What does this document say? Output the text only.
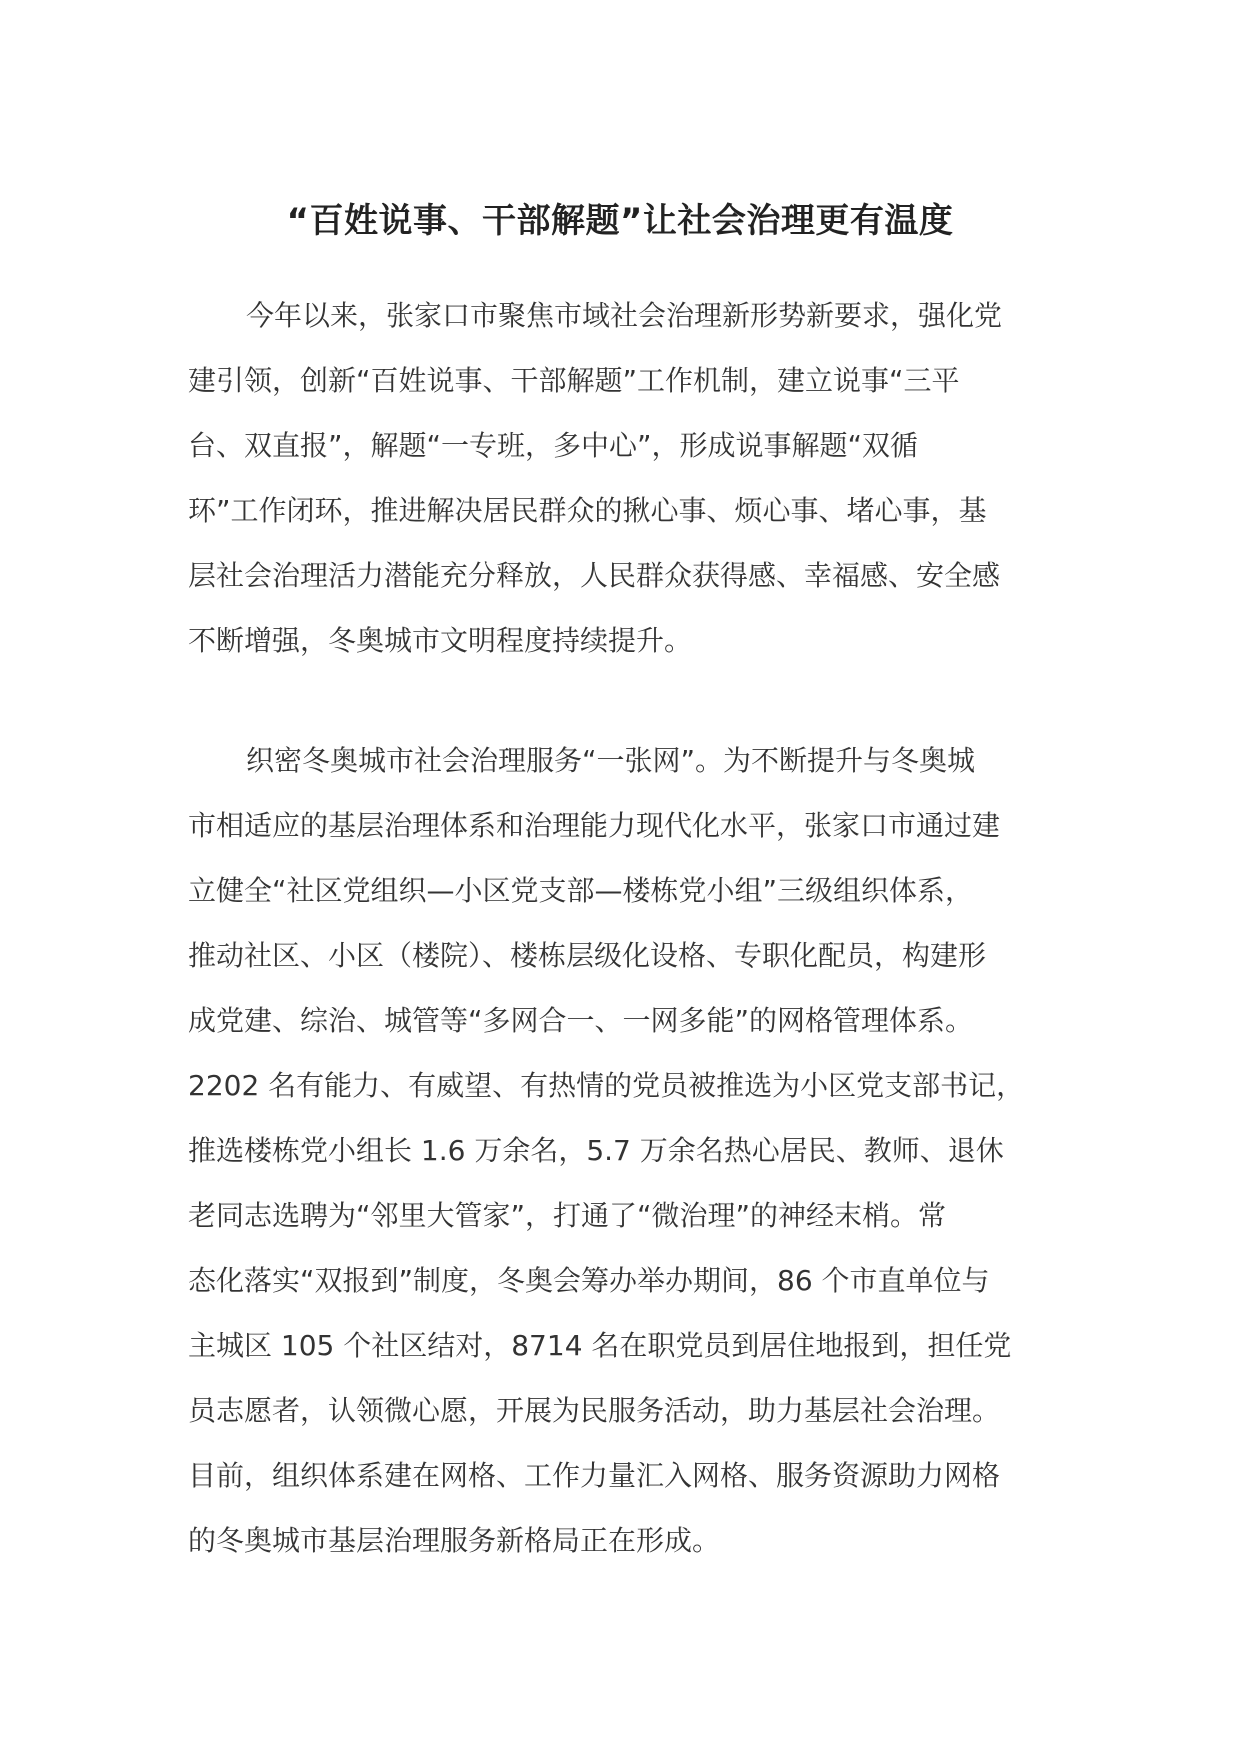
“百姓说事、干部解题”让社会治理更有温度
今年以来，张家口市聚焦市域社会治理新形势新要求，强化党
建引领，创新“百姓说事、干部解题”工作机制，建立说事“三平
台、双直报”，解题“一专班，多中心”，形成说事解题“双循
环”工作闭环，推进解决居民群众的揪心事、烦心事、堵心事，基
层社会治理活力潜能充分释放，人民群众获得感、幸福感、安全感
不断增强，冬奥城市文明程度持续提升。
织密冬奥城市社会治理服务“一张网”。为不断提升与冬奥城
市相适应的基层治理体系和治理能力现代化水平，张家口市通过建
立健全“社区党组织—小区党支部—楼栋党小组”三级组织体系，
推动社区、小区（楼院）、楼栋层级化设格、专职化配员，构建形
成党建、综治、城管等“多网合一、一网多能”的网格管理体系。
2202 名有能力、有威望、有热情的党员被推选为小区党支部书记，
推选楼栋党小组长 1.6 万余名，5.7 万余名热心居民、教师、退休
老同志选聘为“邻里大管家”，打通了“微治理”的神经末梢。常
态化落实“双报到”制度，冬奥会筹办举办期间，86 个市直单位与
主城区 105 个社区结对，8714 名在职党员到居住地报到，担任党
员志愿者，认领微心愿，开展为民服务活动，助力基层社会治理。
目前，组织体系建在网格、工作力量汇入网格、服务资源助力网格
的冬奥城市基层治理服务新格局正在形成。
